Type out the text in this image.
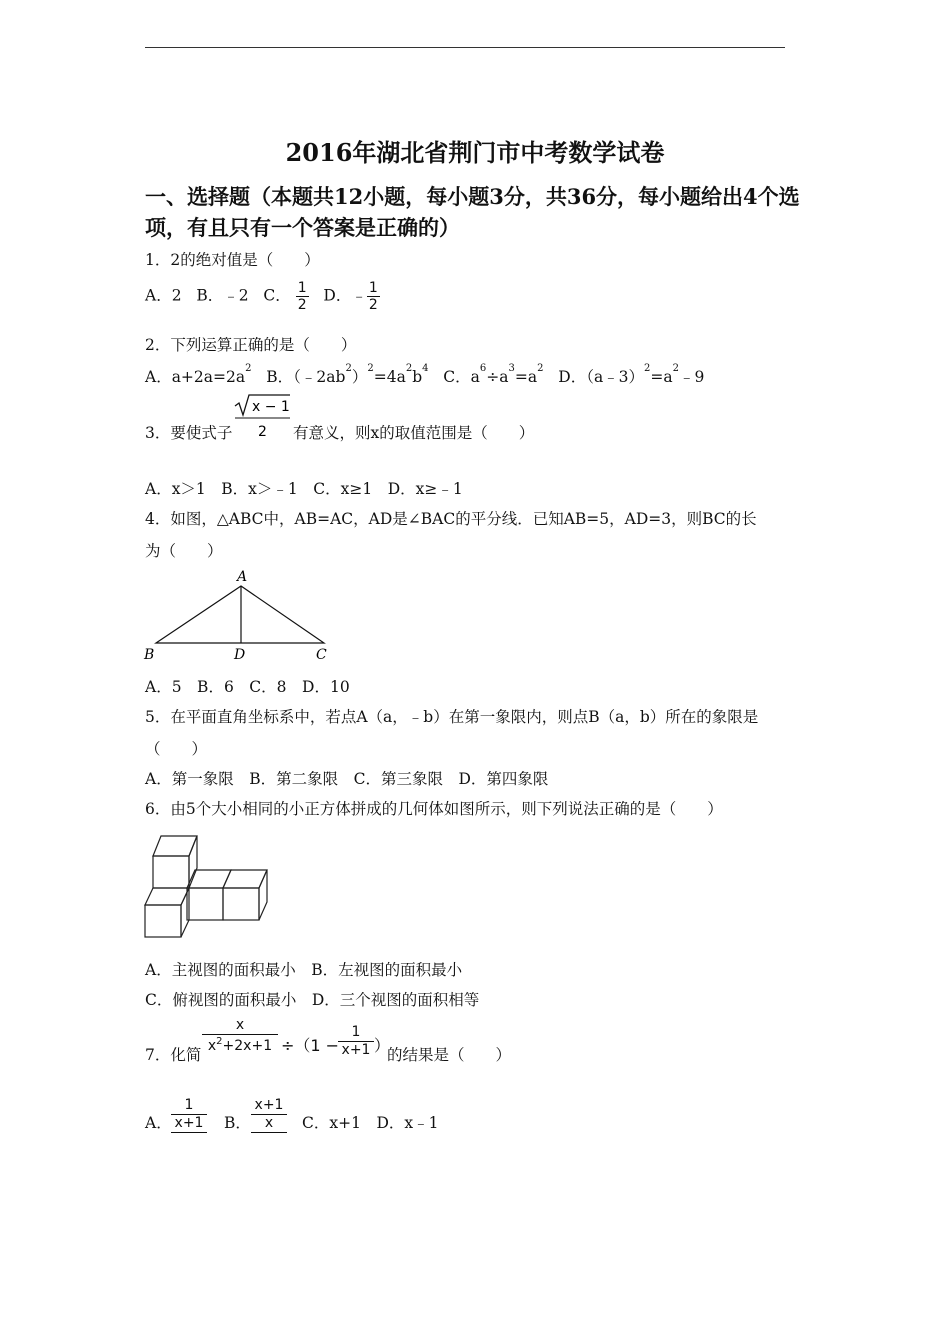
2016年湖北省荆门市中考数学试卷
一、选择题（本题共12小题，每小题3分，共36分，每小题给出4个选项，有且只有一个答案是正确的）
1．2的绝对值是（　　）
A．2 B．﹣2 C． $\frac{1}{2}$ D．﹣ $\frac{1}{2}$
2．下列运算正确的是（　　）
A．$a+2a=2a^2$ B．$(﹣2ab^2)^2=4a^2b^4$ C．$a^6\div a^3=a^2$ D．$(a﹣3)^2=a^2﹣9$
3．要使式子
x − 1
2 有意义，则x的取值范围是（　　）
A．x＞1　B．x＞﹣1　C．x≥1　D．x≥﹣1
4．如图，△ABC中，AB=AC，AD是∠BAC的平分线．已知AB=5，AD=3，则BC的长
为（　　）
A
B	D	C
A．5　B．6　C．8　D．10
5．在平面直角坐标系中，若点A（a，﹣b）在第一象限内，则点B（a，b）所在的象限是
（　　）
A．第一象限　B．第二象限　C．第三象限　D．第四象限
6．由5个大小相同的小正方体拼成的几何体如图所示，则下列说法正确的是（　　）
A．主视图的面积最小　B．左视图的面积最小
C．俯视图的面积最小　D．三个视图的面积相等
7．化简
x
$x^2+2x+1 \div(1$ −
1
x+1 ）
的结果是（　　）
A．
1
x+1 B．
x+1
x	C．x+1　D．x﹣1
